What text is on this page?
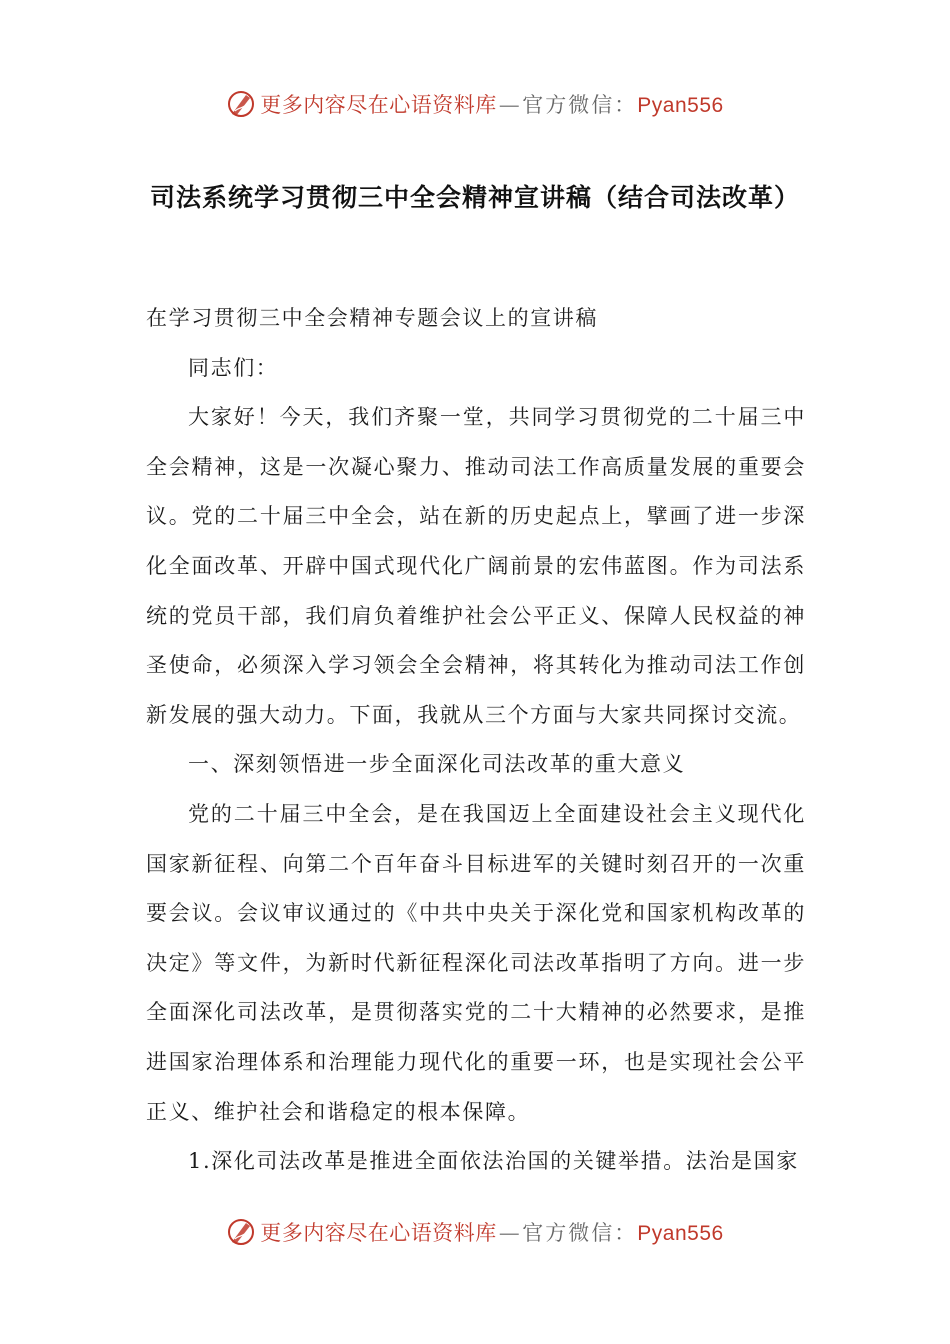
更多内容尽在心语资料库—官方微信：Pyan556
司法系统学习贯彻三中全会精神宣讲稿（结合司法改革）

在学习贯彻三中全会精神专题会议上的宣讲稿

同志们：

大家好！今天，我们齐聚一堂，共同学习贯彻党的二十届三中全会精神，这是一次凝心聚力、推动司法工作高质量发展的重要会议。党的二十届三中全会，站在新的历史起点上，擘画了进一步深化全面改革、开辟中国式现代化广阔前景的宏伟蓝图。作为司法系统的党员干部，我们肩负着维护社会公平正义、保障人民权益的神圣使命，必须深入学习领会全会精神，将其转化为推动司法工作创新发展的强大动力。下面，我就从三个方面与大家共同探讨交流。

一、深刻领悟进一步全面深化司法改革的重大意义

党的二十届三中全会，是在我国迈上全面建设社会主义现代化国家新征程、向第二个百年奋斗目标进军的关键时刻召开的一次重要会议。会议审议通过的《中共中央关于深化党和国家机构改革的决定》等文件，为新时代新征程深化司法改革指明了方向。进一步全面深化司法改革，是贯彻落实党的二十大精神的必然要求，是推进国家治理体系和治理能力现代化的重要一环，也是实现社会公平正义、维护社会和谐稳定的根本保障。

1.深化司法改革是推进全面依法治国的关键举措。法治是国家

更多内容尽在心语资料库—官方微信：Pyan556
